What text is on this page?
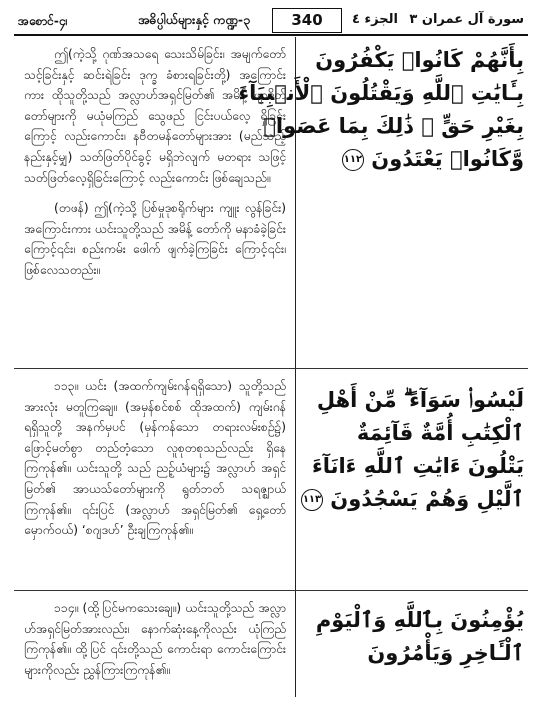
အစောင်-၄၊	အဓိပ္ပါယ်များနှင့် ကဏ္ဍ-၃	340	الجزء ٤ سورة آل عمران ٣

ဤ(ကဲ့သို့ ဂုဏ်အသရေ သေးသိမ်ခြင်း၊ အမျက်တော် သင့်ခြင်းနှင့် ဆင်းရဲခြင်း ဒုက္ခ ခံစားရခြင်းတို့) အကြောင်းကား ထိုသူတို့သည် အလ္လာဟ်အရှင်မြတ်၏ အမိန့် ဖျာဒိတ်တော်များကို မယုံမကြည် သွေဖည် ငြင်းပယ်လေ့ ရှိခြင်းကြောင့် လည်းကောင်း၊ နဗီတမန်တော်များအား (မည်သည့် နည်းနှင့်မျှ) သတ်ဖြတ်ပိုင်ခွင့် မရှိဘဲလျက် မတရား သဖြင့် သတ်ဖြတ်လေ့ရှိခြင်းကြောင့် လည်းကောင်း ဖြစ်ချေသည်။

(တဖန်) ဤ(ကဲ့သို့ ပြစ်မှုဒုစရိုက်များ ကျူး လွန်ခြင်း) အကြောင်းကား ယင်းသူတို့သည် အမိန့် တော်ကို မနာခံခဲ့ခြင်းကြောင့်၎င်း၊ စည်းကမ်း ဖေါက် ဖျက်ခဲ့ကြခြင်း ကြောင့်၎င်း၊ ဖြစ်လေသတည်း။

بِأَنَّهُمْ كَانُوا۟ يَكْفُرُونَ
بِـَٔايَٰتِ ٱللَّهِ وَيَقْتُلُونَ ٱلْأَنۢبِيَآءَ
بِغَيْرِ حَقٍّ ۚ ذَٰلِكَ بِمَا عَصَوا۟
وَّكَانُوا۟ يَعْتَدُونَ ١١٢

၁၁၃။ ယင်း (အထက်ကျမ်းဂန်ရရှိသော) သူတို့သည် အားလုံး မတူကြချေ။ (အမှန်စင်စစ် ထိုအထက်) ကျမ်းဂန် ရရှိသူတို့ အနက်မှပင် (မှန်ကန်သော တရားလမ်းစဉ်၌) ဖြောင့်မတ်စွာ တည်တံ့သော လူစုတစုသည်လည်း ရှိနေကြကုန်၏။ ယင်းသူတို့ သည် ညဥ့်ယံများ၌ အလ္လာဟ် အရှင်မြတ်၏ အာယသ်တော်များကို ရွတ်ဘတ် သရဇ္ဈာယ် ကြကုန်၏။ ၎င်းပြင် (အလ္လာဟ် အရှင်မြတ်၏ ရှေ့တော်မှောက်ဝယ်) ‘စဂျဒဟ်’ ဦးချကြကုန်၏။

لَيْسُوا۟ سَوَآءً ۗ مِّنْ أَهْلِ
ٱلْكِتَٰبِ أُمَّةٌ قَآئِمَةٌ
يَتْلُونَ ءَايَٰتِ ٱللَّهِ ءَانَآءَ
ٱلَّيْلِ وَهُمْ يَسْجُدُونَ ١١٣

၁၁၄။ (ထို့ပြင်မကသေးချေ။) ယင်းသူတို့သည် အလ္လာဟ်အရှင်မြတ်အားလည်း၊ နောက်ဆုံးနေ့ကိုလည်း ယုံကြည်ကြကုန်၏။ ထို့ပြင် ၎င်းတို့သည် ကောင်းရာ ကောင်းကြောင်းများကိုလည်း ညွှန်ကြားကြကုန်၏။

يُؤْمِنُونَ بِٱللَّهِ وَٱلْيَوْمِ
ٱلْـَٔاخِرِ وَيَأْمُرُونَ
